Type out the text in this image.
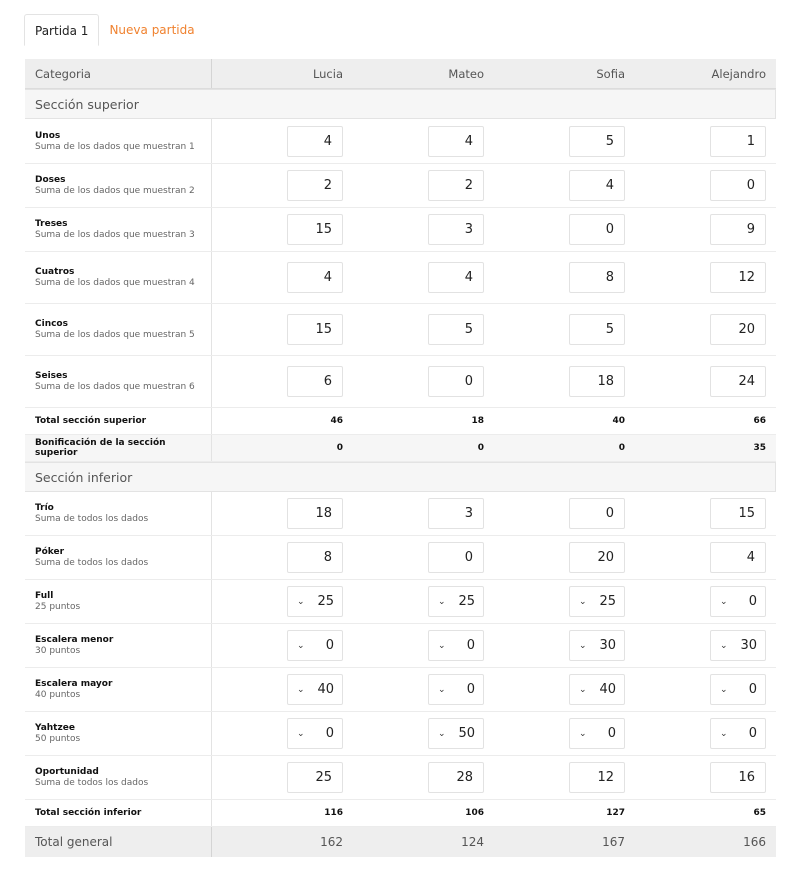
Partida 1	Nueva partida
Categoria	Lucia	Mateo	Sofia	Alejandro
Sección superior
Unos
Suma de los dados que muestran 1	4	4	5	1
Doses
Suma de los dados que muestran 2	2	2	4	0
Treses
Suma de los dados que muestran 3	15	3	0	9
Cuatros
Suma de los dados que muestran 4	4	4	8	12
Cincos
Suma de los dados que muestran 5	15	5	5	20
Seises
Suma de los dados que muestran 6	6	0	18	24
Total sección superior	46	18	40	66
Bonificación de la sección superior	0	0	0	35
Sección inferior
Trío
Suma de todos los dados	18	3	0	15
Póker
Suma de todos los dados	8	0	20	4
Full
25 puntos
⌄ 25	⌄ 25	⌄ 25	⌄ 0
Escalera menor
30 puntos
⌄ 0	⌄ 0	⌄ 30	⌄ 30
Escalera mayor
40 puntos
⌄ 40	⌄ 0	⌄ 40	⌄ 0
Yahtzee
50 puntos
⌄ 0	⌄ 50	⌄ 0	⌄ 0
Oportunidad
Suma de todos los dados	25	28	12	16
Total sección inferior	116	106	127	65
Total general	162	124	167	166
